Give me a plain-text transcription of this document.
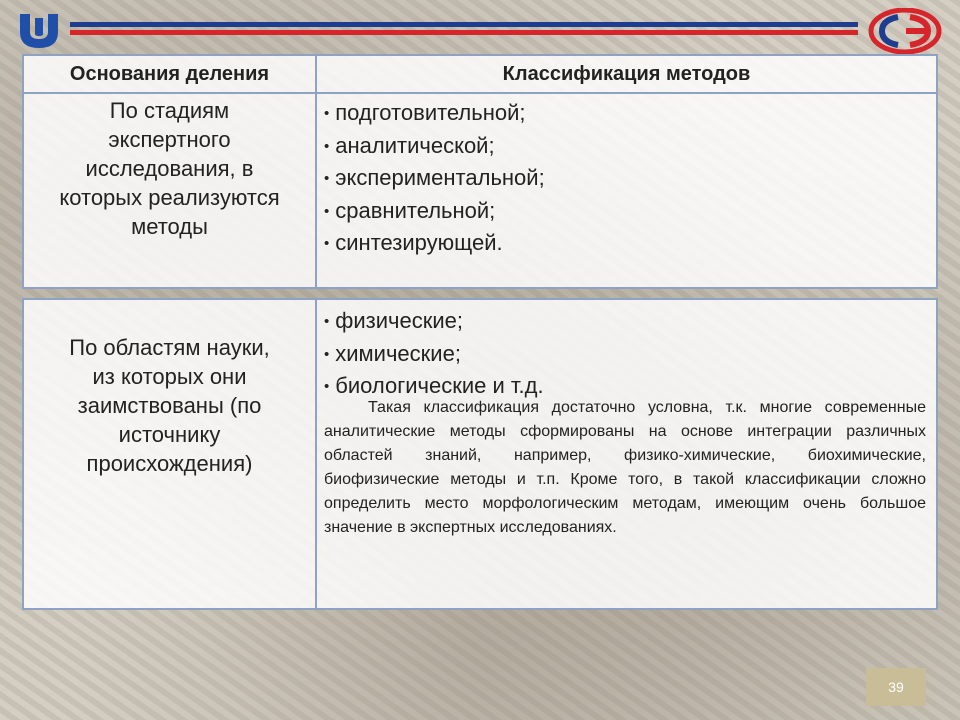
Основания деления	Классификация методов
По стадиям
экспертного
исследования, в
которых реализуются
методы
• подготовительной;
• аналитической;
• экспериментальной;
• сравнительной;
• синтезирующей.
По областям науки,
из которых они
заимствованы (по
источнику
происхождения)
• физические;
• химические;
• биологические и т.д.
Такая классификация достаточно условна, т.к. многие современные аналитические методы сформированы на основе интеграции различных областей знаний, например, физико-химические, биохимические, биофизические методы и т.п. Кроме того, в такой классификации сложно определить место морфологическим методам, имеющим очень большое значение в экспертных исследованиях.
39
